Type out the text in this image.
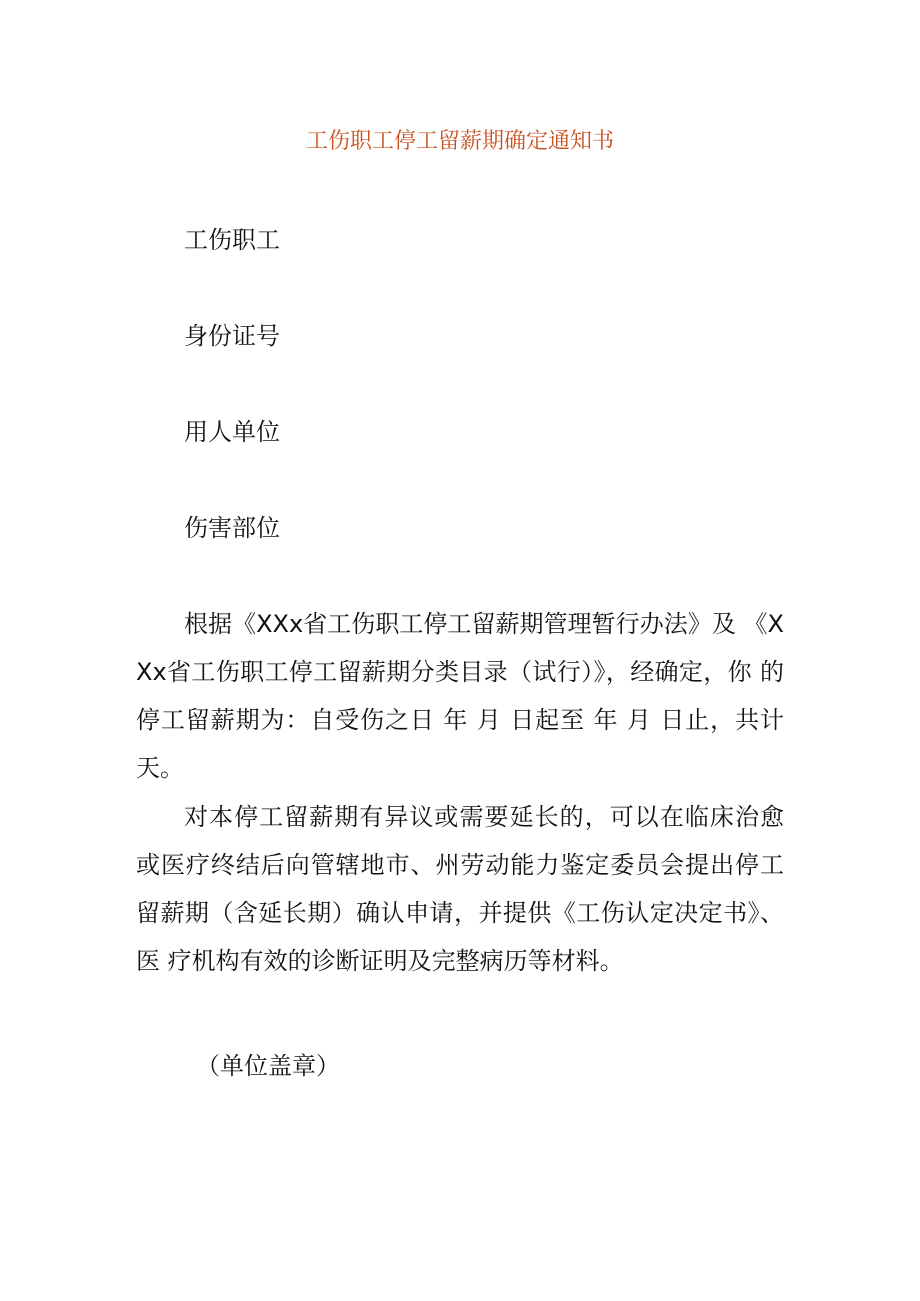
工伤职工停工留薪期确定通知书
工伤职工
身份证号
用人单位
伤害部位
根据《XXx省工伤职工停工留薪期管理暂行办法》及 《XXx省工伤职工停工留薪期分类目录（试行）》，经确定，你 的停工留薪期为：自受伤之日 年 月 日起至 年 月 日止，共计 天。
对本停工留薪期有异议或需要延长的，可以在临床治愈 或医疗终结后向管辖地市、州劳动能力鉴定委员会提出停工　留薪期（含延长期）确认申请，并提供《工伤认定决定书》、医 疗机构有效的诊断证明及完整病历等材料。
（单位盖章）
